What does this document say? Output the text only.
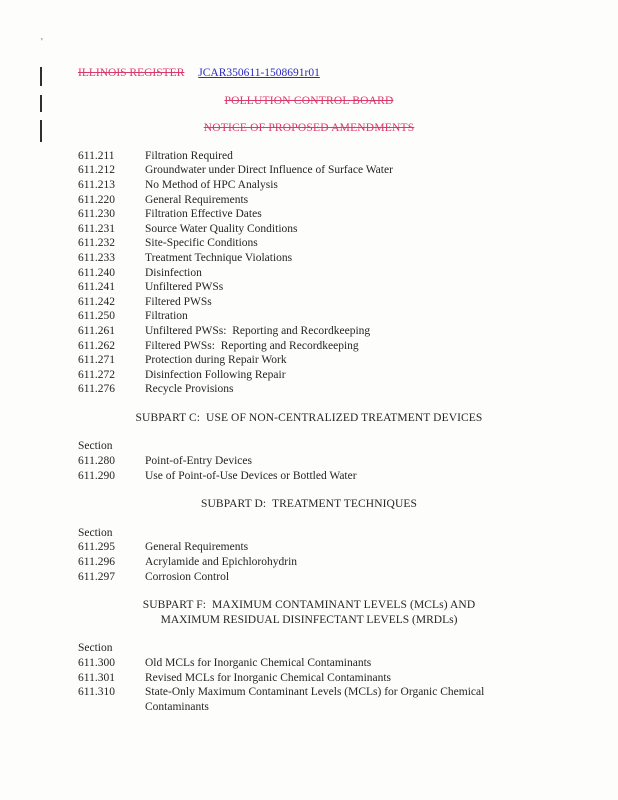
'
ILLINOIS REGISTER JCAR350611-1508691r01
POLLUTION CONTROL BOARD
NOTICE OF PROPOSED AMENDMENTS
611.211	Filtration Required
611.212	Groundwater under Direct Influence of Surface Water
611.213	No Method of HPC Analysis
611.220	General Requirements
611.230	Filtration Effective Dates
611.231	Source Water Quality Conditions
611.232	Site-Specific Conditions
611.233	Treatment Technique Violations
611.240	Disinfection
611.241	Unfiltered PWSs
611.242	Filtered PWSs
611.250	Filtration
611.261	Unfiltered PWSs:  Reporting and Recordkeeping
611.262	Filtered PWSs:  Reporting and Recordkeeping
611.271	Protection during Repair Work
611.272	Disinfection Following Repair
611.276	Recycle Provisions
SUBPART C:  USE OF NON-CENTRALIZED TREATMENT DEVICES
Section
611.280	Point-of-Entry Devices
611.290	Use of Point-of-Use Devices or Bottled Water
SUBPART D:  TREATMENT TECHNIQUES
Section
611.295	General Requirements
611.296	Acrylamide and Epichlorohydrin
611.297	Corrosion Control
SUBPART F:  MAXIMUM CONTAMINANT LEVELS (MCLs) AND
MAXIMUM RESIDUAL DISINFECTANT LEVELS (MRDLs)
Section
611.300	Old MCLs for Inorganic Chemical Contaminants
611.301	Revised MCLs for Inorganic Chemical Contaminants
611.310	State-Only Maximum Contaminant Levels (MCLs) for Organic Chemical Contaminants
